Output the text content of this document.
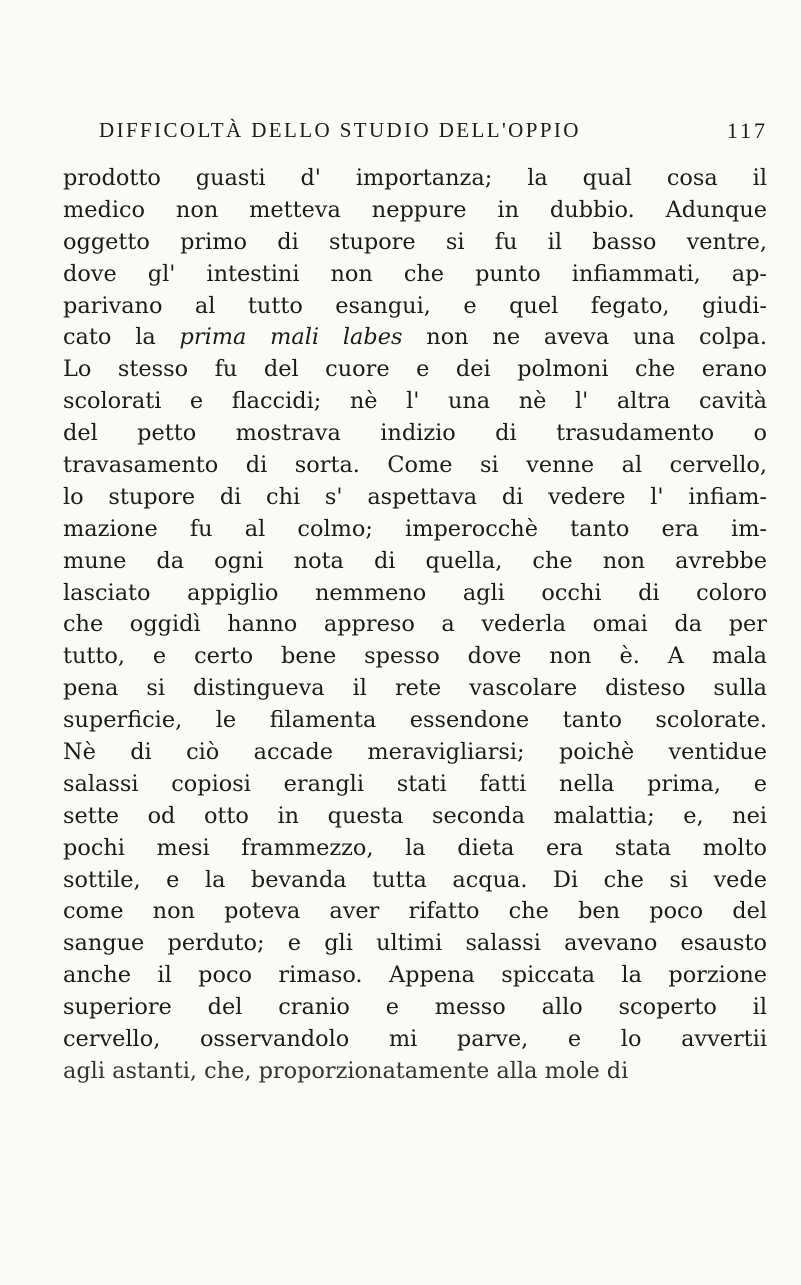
DIFFICOLTÀ DELLO STUDIO DELL'OPPIO	117
prodotto guasti d' importanza; la qual cosa il
medico non metteva neppure in dubbio. Adunque
oggetto primo di stupore si fu il basso ventre,
dove gl' intestini non che punto infiammati, ap-
parivano al tutto esangui, e quel fegato, giudi-
cato la prima mali labes non ne aveva una colpa.
Lo stesso fu del cuore e dei polmoni che erano
scolorati e flaccidi; nè l' una nè l' altra cavità
del petto mostrava indizio di trasudamento o
travasamento di sorta. Come si venne al cervello,
lo stupore di chi s' aspettava di vedere l' infiam-
mazione fu al colmo; imperocchè tanto era im-
mune da ogni nota di quella, che non avrebbe
lasciato appiglio nemmeno agli occhi di coloro
che oggidì hanno appreso a vederla omai da per
tutto, e certo bene spesso dove non è. A mala
pena si distingueva il rete vascolare disteso sulla
superficie, le filamenta essendone tanto scolorate.
Nè di ciò accade meravigliarsi; poichè ventidue
salassi copiosi erangli stati fatti nella prima, e
sette od otto in questa seconda malattia; e, nei
pochi mesi frammezzo, la dieta era stata molto
sottile, e la bevanda tutta acqua. Di che si vede
come non poteva aver rifatto che ben poco del
sangue perduto; e gli ultimi salassi avevano esausto
anche il poco rimaso. Appena spiccata la porzione
superiore del cranio e messo allo scoperto il
cervello, osservandolo mi parve, e lo avvertii
agli astanti, che, proporzionatamente alla mole di
